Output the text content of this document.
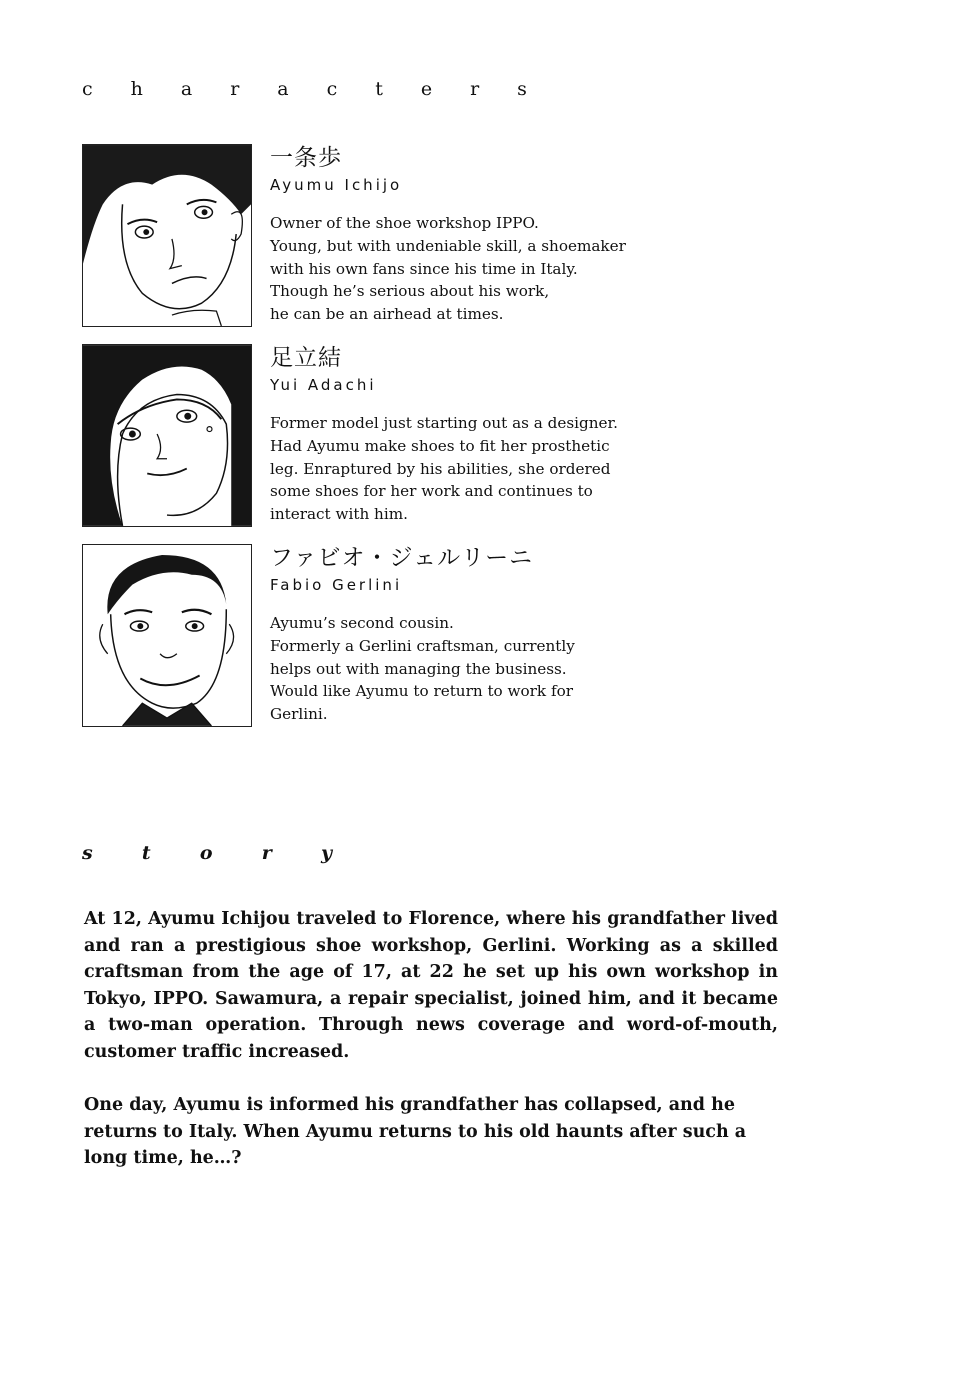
c h a r a c t e r s
一条歩
Ayumu Ichijo
Owner of the shoe workshop IPPO.
Young, but with undeniable skill, a shoemaker
with his own fans since his time in Italy.
Though he’s serious about his work,
he can be an airhead at times.
足立結
Yui Adachi
Former model just starting out as a designer.
Had Ayumu make shoes to fit her prosthetic
leg. Enraptured by his abilities, she ordered
some shoes for her work and continues to
interact with him.
ファビオ・ジェルリーニ
Fabio Gerlini
Ayumu’s second cousin.
Formerly a Gerlini craftsman, currently
helps out with managing the business.
Would like Ayumu to return to work for
Gerlini.
s	t	o	r	y

At 12, Ayumu Ichijou traveled to Florence, where his grandfather lived and ran a prestigious shoe workshop, Gerlini. Working as a skilled craftsman from the age of 17, at 22 he set up his own workshop in Tokyo, IPPO. Sawamura, a repair specialist, joined him, and it became a two-man operation. Through news coverage and word-of-mouth, customer traffic increased.

One day, Ayumu is informed his grandfather has collapsed, and he returns to Italy. When Ayumu returns to his old haunts after such a long time, he…?
